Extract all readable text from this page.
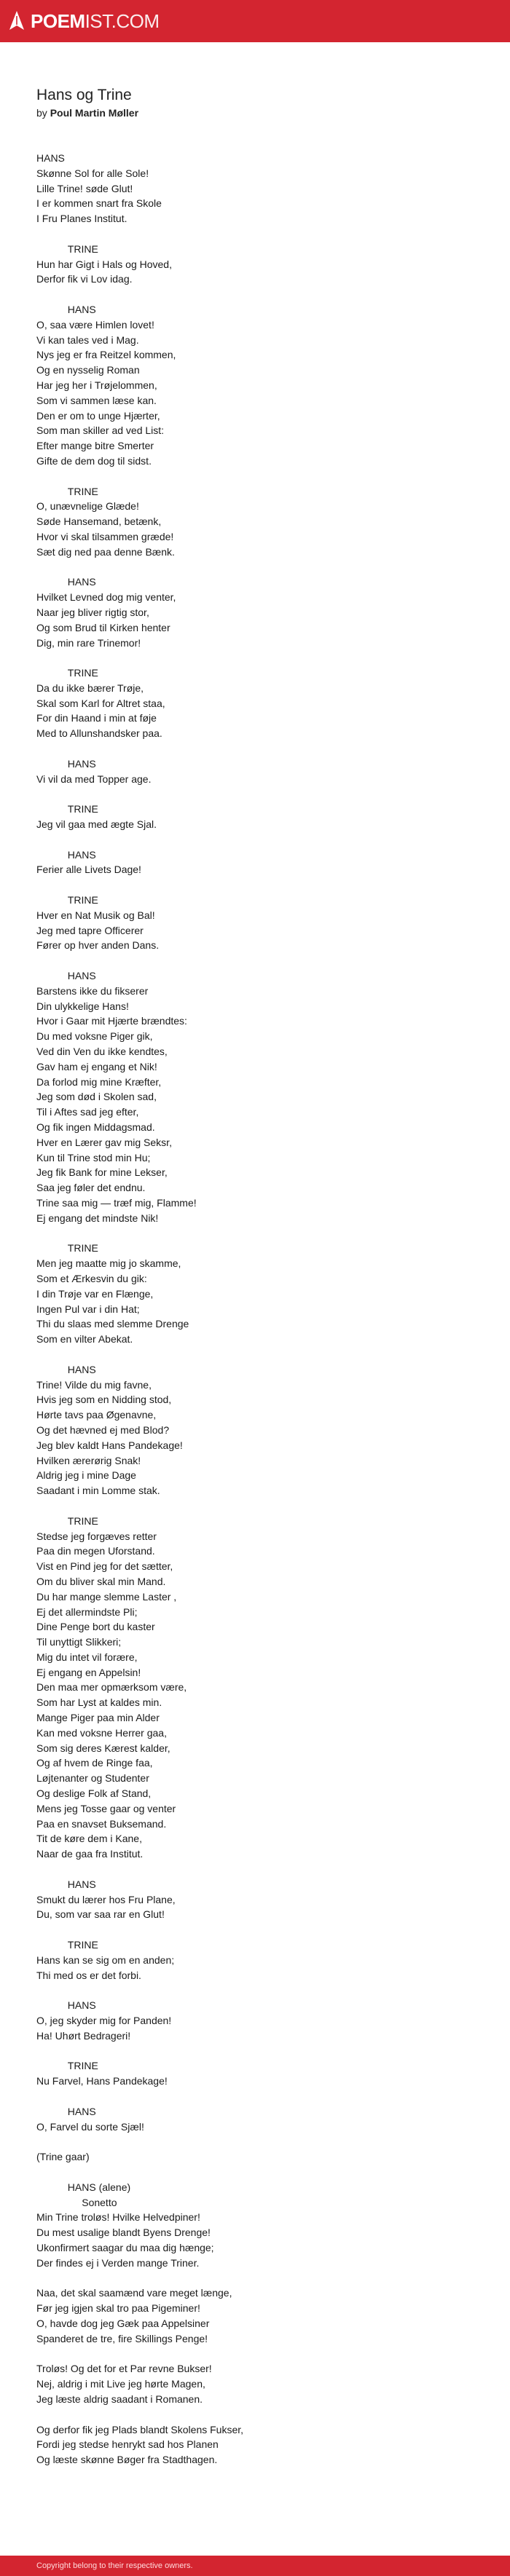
POEMIST.COM
Hans og Trine
by Poul Martin Møller
HANS
Skønne Sol for alle Sole!
Lille Trine! søde Glut!
I er kommen snart fra Skole
I Fru Planes Institut.

TRINE
Hun har Gigt i Hals og Hoved,
Derfor fik vi Lov idag.

HANS
O, saa være Himlen lovet!
Vi kan tales ved i Mag.
Nys jeg er fra Reitzel kommen,
Og en nysselig Roman
Har jeg her i Trøjelommen,
Som vi sammen læse kan.
Den er om to unge Hjærter,
Som man skiller ad ved List:
Efter mange bitre Smerter
Gifte de dem dog til sidst.

TRINE
O, unævnelige Glæde!
Søde Hansemand, betænk,
Hvor vi skal tilsammen græde!
Sæt dig ned paa denne Bænk.

HANS
Hvilket Levned dog mig venter,
Naar jeg bliver rigtig stor,
Og som Brud til Kirken henter
Dig, min rare Trinemor!

TRINE
Da du ikke bærer Trøje,
Skal som Karl for Altret staa,
For din Haand i min at føje
Med to Allunshandsker paa.

HANS
Vi vil da med Topper age.

TRINE
Jeg vil gaa med ægte Sjal.

HANS
Ferier alle Livets Dage!

TRINE
Hver en Nat Musik og Bal!
Jeg med tapre Officerer
Fører op hver anden Dans.

HANS
Barstens ikke du fikserer
Din ulykkelige Hans!
Hvor i Gaar mit Hjærte brændtes:
Du med voksne Piger gik,
Ved din Ven du ikke kendtes,
Gav ham ej engang et Nik!
Da forlod mig mine Kræfter,
Jeg som død i Skolen sad,
Til i Aftes sad jeg efter,
Og fik ingen Middagsmad.
Hver en Lærer gav mig Seksr,
Kun til Trine stod min Hu;
Jeg fik Bank for mine Lekser,
Saa jeg føler det endnu.
Trine saa mig — træf mig, Flamme!
Ej engang det mindste Nik!

TRINE
Men jeg maatte mig jo skamme,
Som et Ærkesvin du gik:
I din Trøje var en Flænge,
Ingen Pul var i din Hat;
Thi du slaas med slemme Drenge
Som en vilter Abekat.

HANS
Trine! Vilde du mig favne,
Hvis jeg som en Nidding stod,
Hørte tavs paa Øgenavne,
Og det hævned ej med Blod?
Jeg blev kaldt Hans Pandekage!
Hvilken ærerørig Snak!
Aldrig jeg i mine Dage
Saadant i min Lomme stak.

TRINE
Stedse jeg forgæves retter
Paa din megen Uforstand.
Vist en Pind jeg for det sætter,
Om du bliver skal min Mand.
Du har mange slemme Laster ,
Ej det allermindste Pli;
Dine Penge bort du kaster
Til unyttigt Slikkeri;
Mig du intet vil forære,
Ej engang en Appelsin!
Den maa mer opmærksom være,
Som har Lyst at kaldes min.
Mange Piger paa min Alder
Kan med voksne Herrer gaa,
Som sig deres Kærest kalder,
Og af hvem de Ringe faa,
Løjtenanter og Studenter
Og deslige Folk af Stand,
Mens jeg Tosse gaar og venter
Paa en snavset Buksemand.
Tit de køre dem i Kane,
Naar de gaa fra Institut.

HANS
Smukt du lærer hos Fru Plane,
Du, som var saa rar en Glut!

TRINE
Hans kan se sig om en anden;
Thi med os er det forbi.

HANS
O, jeg skyder mig for Panden!
Ha! Uhørt Bedrageri!

TRINE
Nu Farvel, Hans Pandekage!

HANS
O, Farvel du sorte Sjæl!

(Trine gaar)

HANS (alene)
Sonetto
Min Trine troløs! Hvilke Helvedpiner!
Du mest usalige blandt Byens Drenge!
Ukonfirmert saagar du maa dig hænge;
Der findes ej i Verden mange Triner.

Naa, det skal saamænd vare meget længe,
Før jeg igjen skal tro paa Pigeminer!
O, havde dog jeg Gæk paa Appelsiner
Spanderet de tre, fire Skillings Penge!

Troløs! Og det for et Par revne Bukser!
Nej, aldrig i mit Live jeg hørte Magen,
Jeg læste aldrig saadant i Romanen.

Og derfor fik jeg Plads blandt Skolens Fukser,
Fordi jeg stedse henrykt sad hos Planen
Og læste skønne Bøger fra Stadthagen.
Copyright belong to their respective owners.
